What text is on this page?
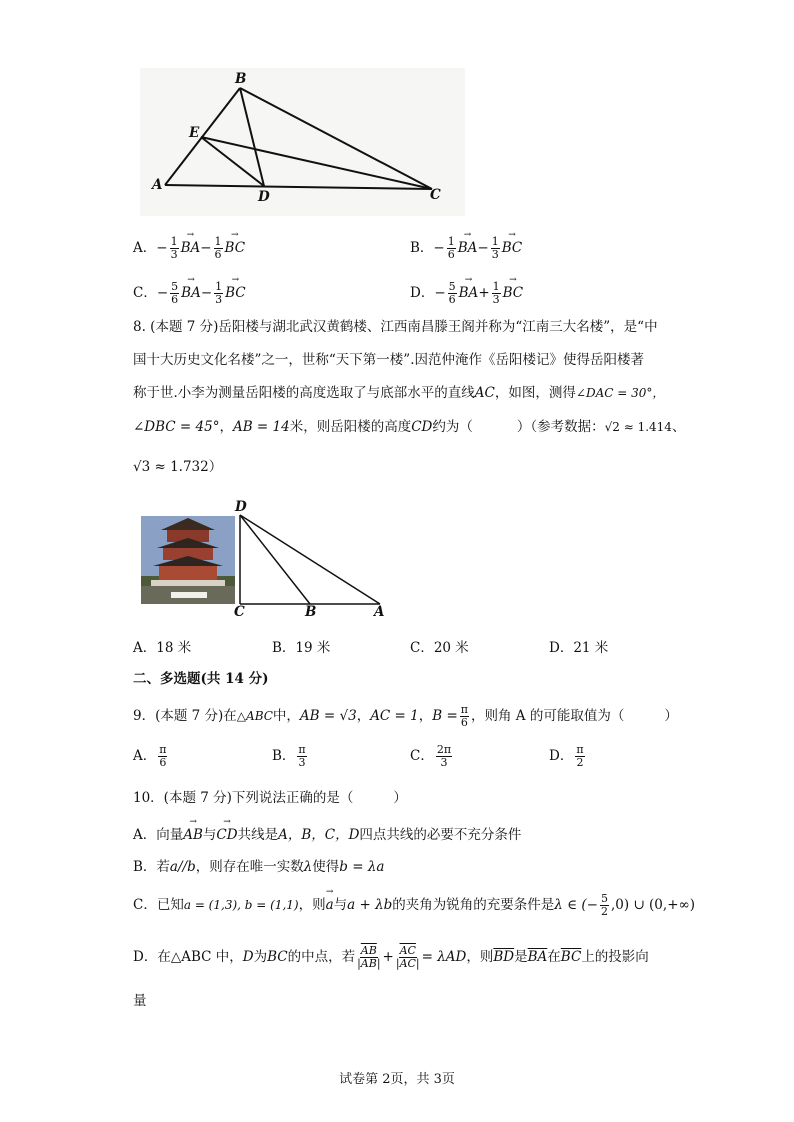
B
E
A
D	C
A．− $\frac{1}{3} \to BA- \frac{1}{6}$ → BC	B．− $\frac{1}{6} \to BA- \frac{1}{3}$ → BC
C．− $\frac{5}{6} \to BA- \frac{1}{3}$ → BC	D．− $\frac{5}{6} \to BA+ \frac{1}{3}$ → BC
8. (本题 7 分)岳阳楼与湖北武汉黄鹤楼、江西南昌滕王阁并称为“江南三大名楼”，是“中
国十大历史文化名楼”之一，世称“天下第一楼”.因范仲淹作《岳阳楼记》使得岳阳楼著
称于世.小李为测量岳阳楼的高度选取了与底部水平的直线AC，如图，测得∠DAC = 30°，
∠DBC = 45°，AB = 14米，则岳阳楼的高度CD约为（	）（参考数据：√2 ≈ 1.414、
√3 ≈ 1.732）
D
C	B	A
A．18 米	B．19 米	C．20 米	D．21 米
二、多选题(共 14 分)
9．(本题 7 分)在△ABC中，AB = √3，AC = 1，$B = \frac{\pi}{6}$ ，则角 A 的可能取值为（	）
A． $\frac{\pi}{6}$	B． $\frac{\pi}{3}$	C． $\frac{2\pi}{3}$	D． $\frac{\pi}{2}$
10．(本题 7 分)下列说法正确的是（	）
A．向量→ AB与→ CD共线是A，B，C，D四点共线的必要不充分条件
B．若a//b，则存在唯一实数λ使得b = λa
C．已知a = (1,3), b = (1,1)，则→ a与a + λb的夹角为锐角的充要条件是λ ∈ (− $\frac{5}{2} ,0$) ∪ (0,+∞)
D．在△ABC 中，D为BC的中点，若 $\frac{\overline{AB}}{|AB|} + \frac{\overline{AC}}{|AC|} = \lambda AD$，则$\overline{BD}$是$\overline{BA}$在$\overline{BC}$上的投影向
量
试卷第 2页，共 3页
